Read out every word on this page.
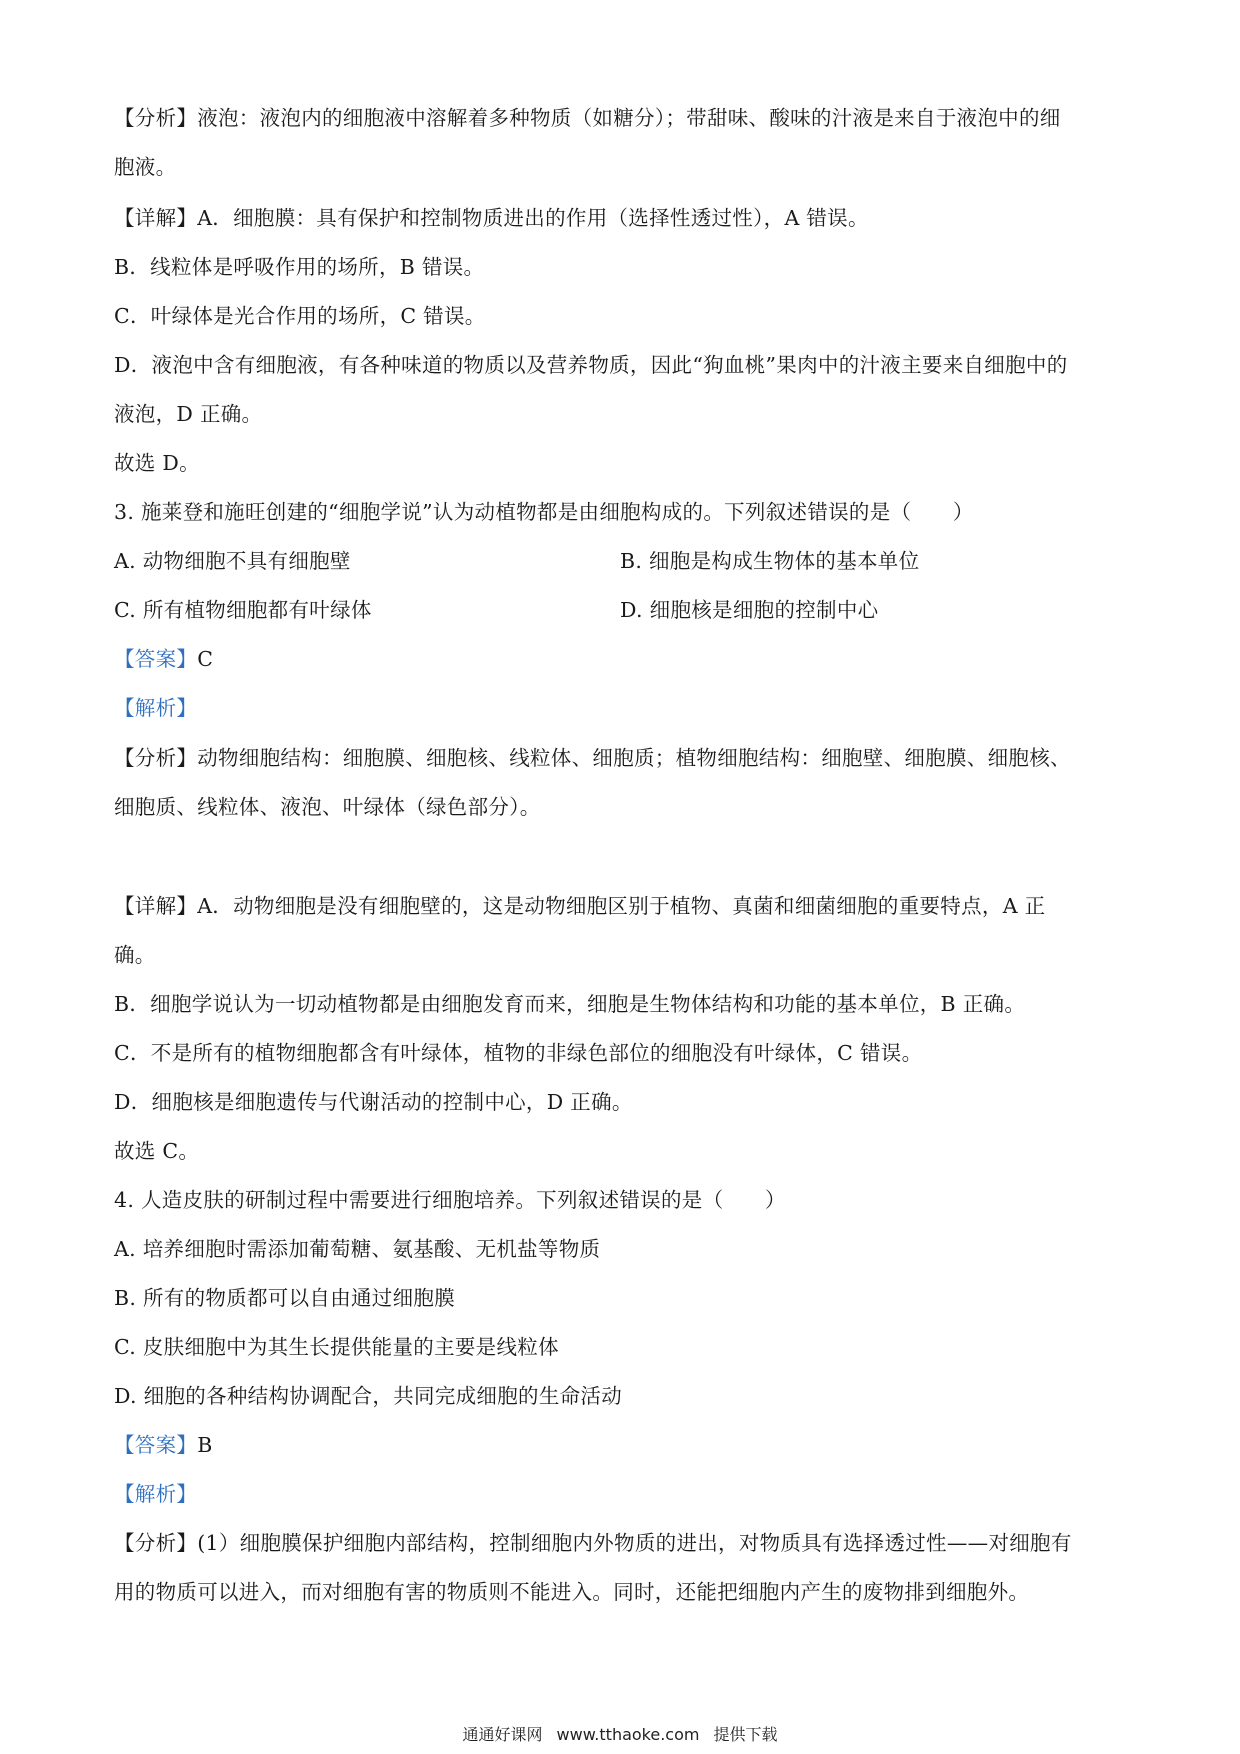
【分析】液泡：液泡内的细胞液中溶解着多种物质（如糖分）；带甜味、酸味的汁液是来自于液泡中的细
胞液。
【详解】A．细胞膜：具有保护和控制物质进出的作用（选择性透过性），A 错误。
B．线粒体是呼吸作用的场所，B 错误。
C．叶绿体是光合作用的场所，C 错误。
D．液泡中含有细胞液，有各种味道的物质以及营养物质，因此“狗血桃”果肉中的汁液主要来自细胞中的
液泡，D 正确。
故选 D。
3. 施莱登和施旺创建的“细胞学说”认为动植物都是由细胞构成的。下列叙述错误的是（　　）
A. 动物细胞不具有细胞壁	B. 细胞是构成生物体的基本单位
C. 所有植物细胞都有叶绿体	D. 细胞核是细胞的控制中心
【答案】C
【解析】
【分析】动物细胞结构：细胞膜、细胞核、线粒体、细胞质；植物细胞结构：细胞壁、细胞膜、细胞核、
细胞质、线粒体、液泡、叶绿体（绿色部分）。
【详解】A．动物细胞是没有细胞壁的，这是动物细胞区别于植物、真菌和细菌细胞的重要特点，A 正
确。
B．细胞学说认为一切动植物都是由细胞发育而来，细胞是生物体结构和功能的基本单位，B 正确。
C．不是所有的植物细胞都含有叶绿体，植物的非绿色部位的细胞没有叶绿体，C 错误。
D．细胞核是细胞遗传与代谢活动的控制中心，D 正确。
故选 C。
4. 人造皮肤的研制过程中需要进行细胞培养。下列叙述错误的是（　　）
A. 培养细胞时需添加葡萄糖、氨基酸、无机盐等物质
B. 所有的物质都可以自由通过细胞膜
C. 皮肤细胞中为其生长提供能量的主要是线粒体
D. 细胞的各种结构协调配合，共同完成细胞的生命活动
【答案】B
【解析】
【分析】(1）细胞膜保护细胞内部结构，控制细胞内外物质的进出，对物质具有选择透过性——对细胞有
用的物质可以进入，而对细胞有害的物质则不能进入。同时，还能把细胞内产生的废物排到细胞外。
通通好课网 www.tthaoke.com 提供下载
